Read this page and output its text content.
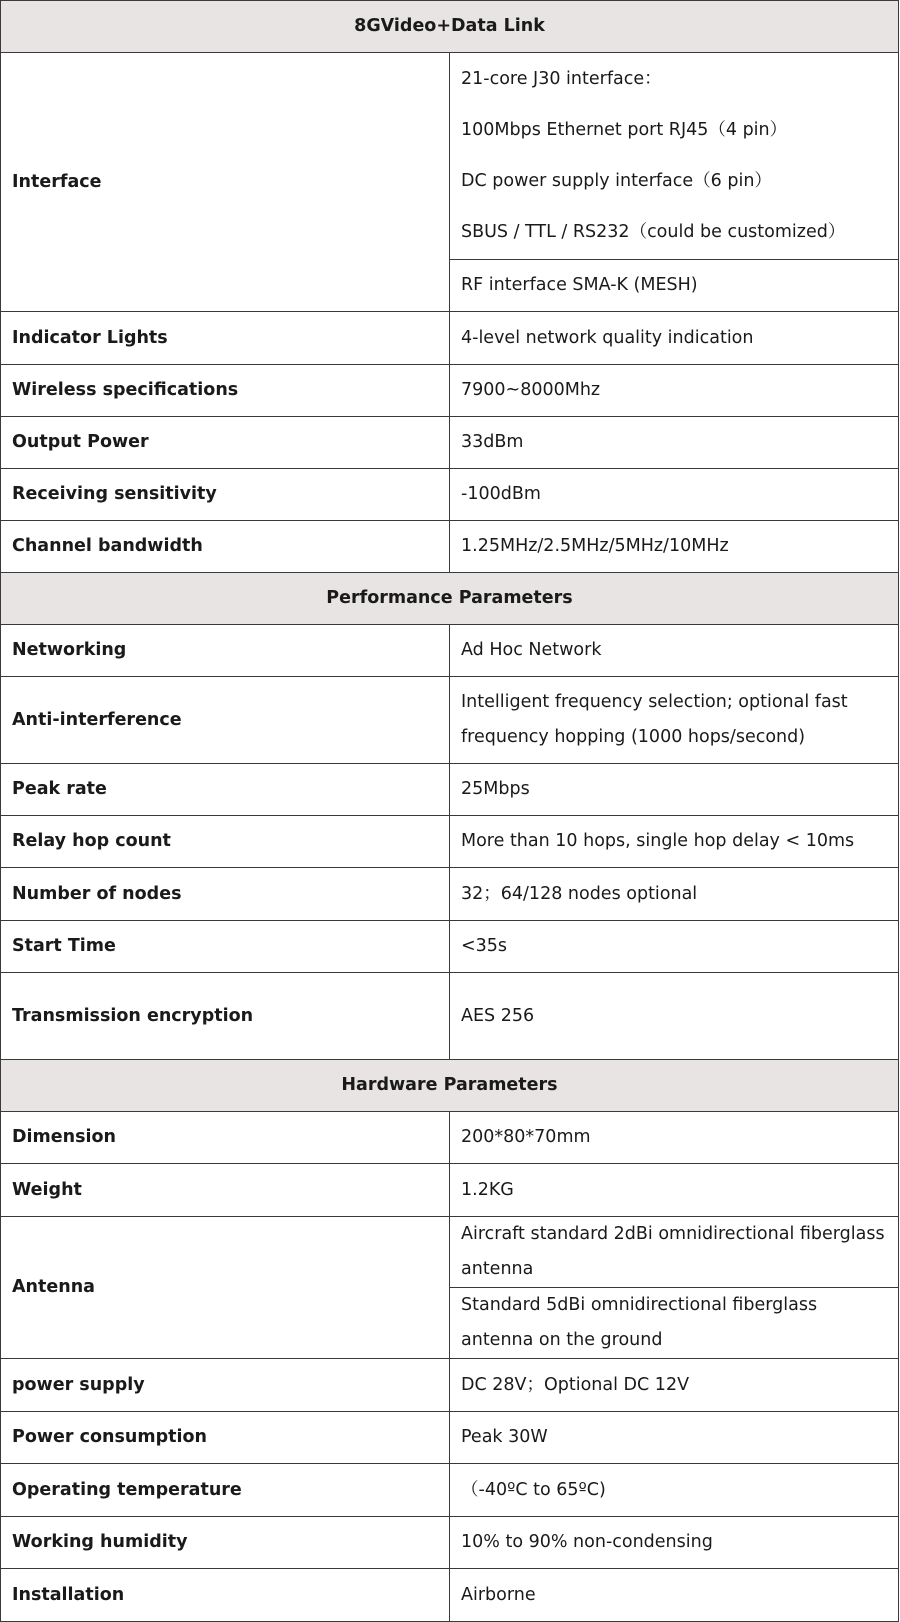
8GVideo+Data Link	
Interface	21-core J30 interface：
100Mbps Ethernet port RJ45（4 pin）
DC power supply interface（6 pin）
SBUS / TTL / RS232（could be customized）

	RF interface SMA-K (MESH)
Indicator Lights	4-level network quality indication
Wireless specifications	7900~8000Mhz
Output Power	33dBm
Receiving sensitivity	-100dBm
Channel bandwidth	1.25MHz/2.5MHz/5MHz/10MHz
Performance Parameters	
Networking	Ad Hoc Network
Anti-interference	Intelligent frequency selection; optional fast frequency hopping (1000 hops/second)
Peak rate	25Mbps
Relay hop count	More than 10 hops, single hop delay < 10ms
Number of nodes	32；64/128 nodes optional
Start Time	<35s
Transmission encryption	AES 256
Hardware Parameters	
Dimension	200*80*70mm
Weight	1.2KG
Antenna	Aircraft standard 2dBi omnidirectional fiberglass antenna
	Standard 5dBi omnidirectional fiberglass antenna on the ground
power supply	DC 28V；Optional DC 12V
Power consumption	Peak 30W
Operating temperature	（-40ºC to 65ºC)
Working humidity	10% to 90% non-condensing
Installation	Airborne
